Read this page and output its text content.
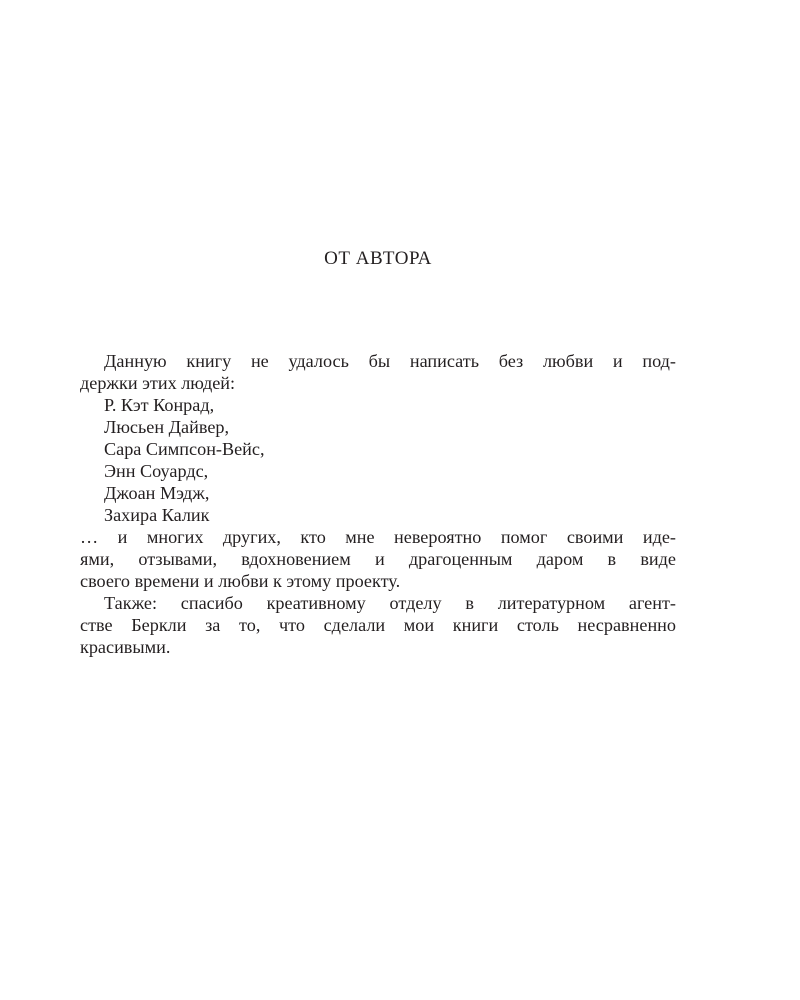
ОТ АВТОРА
Данную книгу не удалось бы написать без любви и под-
держки этих людей:
Р. Кэт Конрад,
Люсьен Дайвер,
Сара Симпсон-Вейс,
Энн Соуардс,
Джоан Мэдж,
Захира Калик
… и многих других, кто мне невероятно помог своими иде-
ями, отзывами, вдохновением и драгоценным даром в виде
своего времени и любви к этому проекту.
Также: спасибо креативному отделу в литературном агент-
стве Беркли за то, что сделали мои книги столь несравненно
красивыми.
